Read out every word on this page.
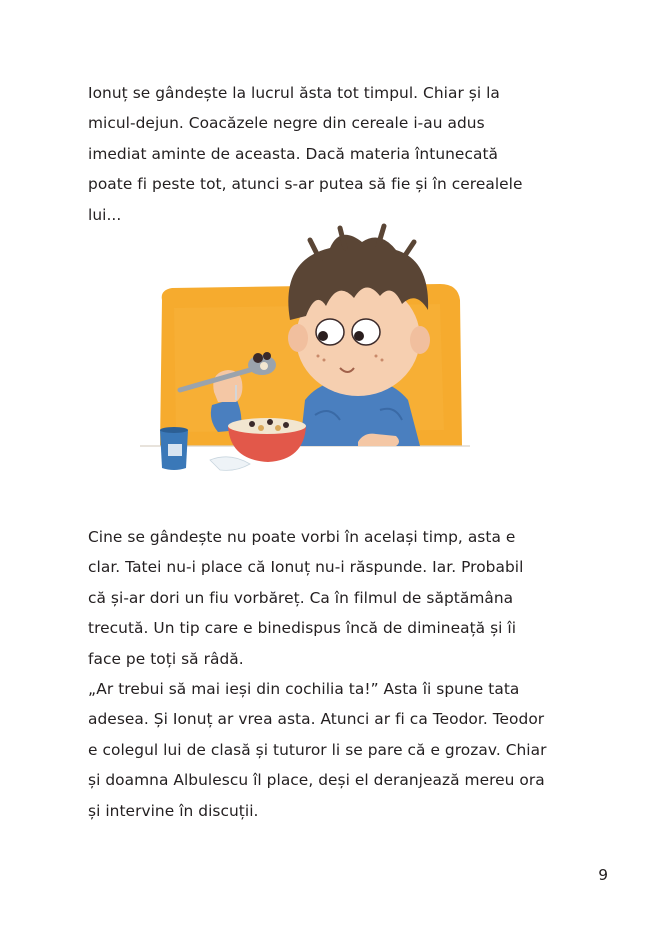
Ionuț se gândește la lucrul ăsta tot timpul. Chiar și la
micul-dejun. Coacăzele negre din cereale i-au adus
imediat aminte de aceasta. Dacă materia întunecată
poate fi peste tot, atunci s-ar putea să fie și în cerealele
lui...

Cine se gândește nu poate vorbi în același timp, asta e
clar. Tatei nu-i place că Ionuț nu-i răspunde. Iar. Probabil
că și-ar dori un fiu vorbăreț. Ca în filmul de săptămâna
trecută. Un tip care e binedispus încă de dimineață și îi
face pe toți să râdă.

„Ar trebui să mai ieși din cochilia ta!” Asta îi spune tata
adesea. Și Ionuț ar vrea asta. Atunci ar fi ca Teodor. Teodor
e colegul lui de clasă și tuturor li se pare că e grozav. Chiar
și doamna Albulescu îl place, deși el deranjează mereu ora
și intervine în discuții.

9
